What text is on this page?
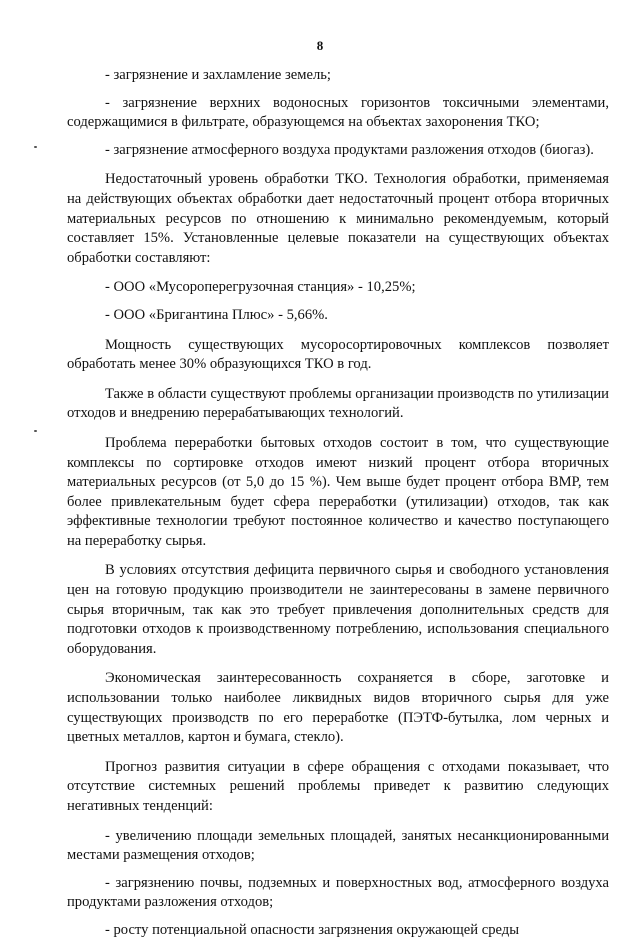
8

- загрязнение и захламление земель;

- загрязнение верхних водоносных горизонтов токсичными элементами, содержащимися в фильтрате, образующемся на объектах захоронения ТКО;

- загрязнение атмосферного воздуха продуктами разложения отходов (биогаз).

Недостаточный уровень обработки ТКО. Технология обработки, применяемая на действующих объектах обработки дает недостаточный процент отбора вторичных материальных ресурсов по отношению к минимально рекомендуемым, который составляет 15%. Установленные целевые показатели на существующих объектах обработки составляют:

- ООО «Мусороперегрузочная станция» - 10,25%;

- ООО «Бригантина Плюс» - 5,66%.

Мощность существующих мусоросортировочных комплексов позволяет обработать менее 30% образующихся ТКО в год.

Также в области существуют проблемы организации производств по утилизации отходов и внедрению перерабатывающих технологий.

Проблема переработки бытовых отходов состоит в том, что существующие комплексы по сортировке отходов имеют низкий процент отбора вторичных материальных ресурсов (от 5,0 до 15 %). Чем выше будет процент отбора ВМР, тем более привлекательным будет сфера переработки (утилизации) отходов, так как эффективные технологии требуют постоянное количество и качество поступающего на переработку сырья.

В условиях отсутствия дефицита первичного сырья и свободного установления цен на готовую продукцию производители не заинтересованы в замене первичного сырья вторичным, так как это требует привлечения дополнительных средств для подготовки отходов к производственному потреблению, использования специального оборудования.

Экономическая заинтересованность сохраняется в сборе, заготовке и использовании только наиболее ликвидных видов вторичного сырья для уже существующих производств по его переработке (ПЭТФ-бутылка, лом черных и цветных металлов, картон и бумага, стекло).

Прогноз развития ситуации в сфере обращения с отходами показывает, что отсутствие системных решений проблемы приведет к развитию следующих негативных тенденций:

- увеличению площади земельных площадей, занятых несанкционированными местами размещения отходов;

- загрязнению почвы, подземных и поверхностных вод, атмосферного воздуха продуктами разложения отходов;

- росту потенциальной опасности загрязнения окружающей среды
